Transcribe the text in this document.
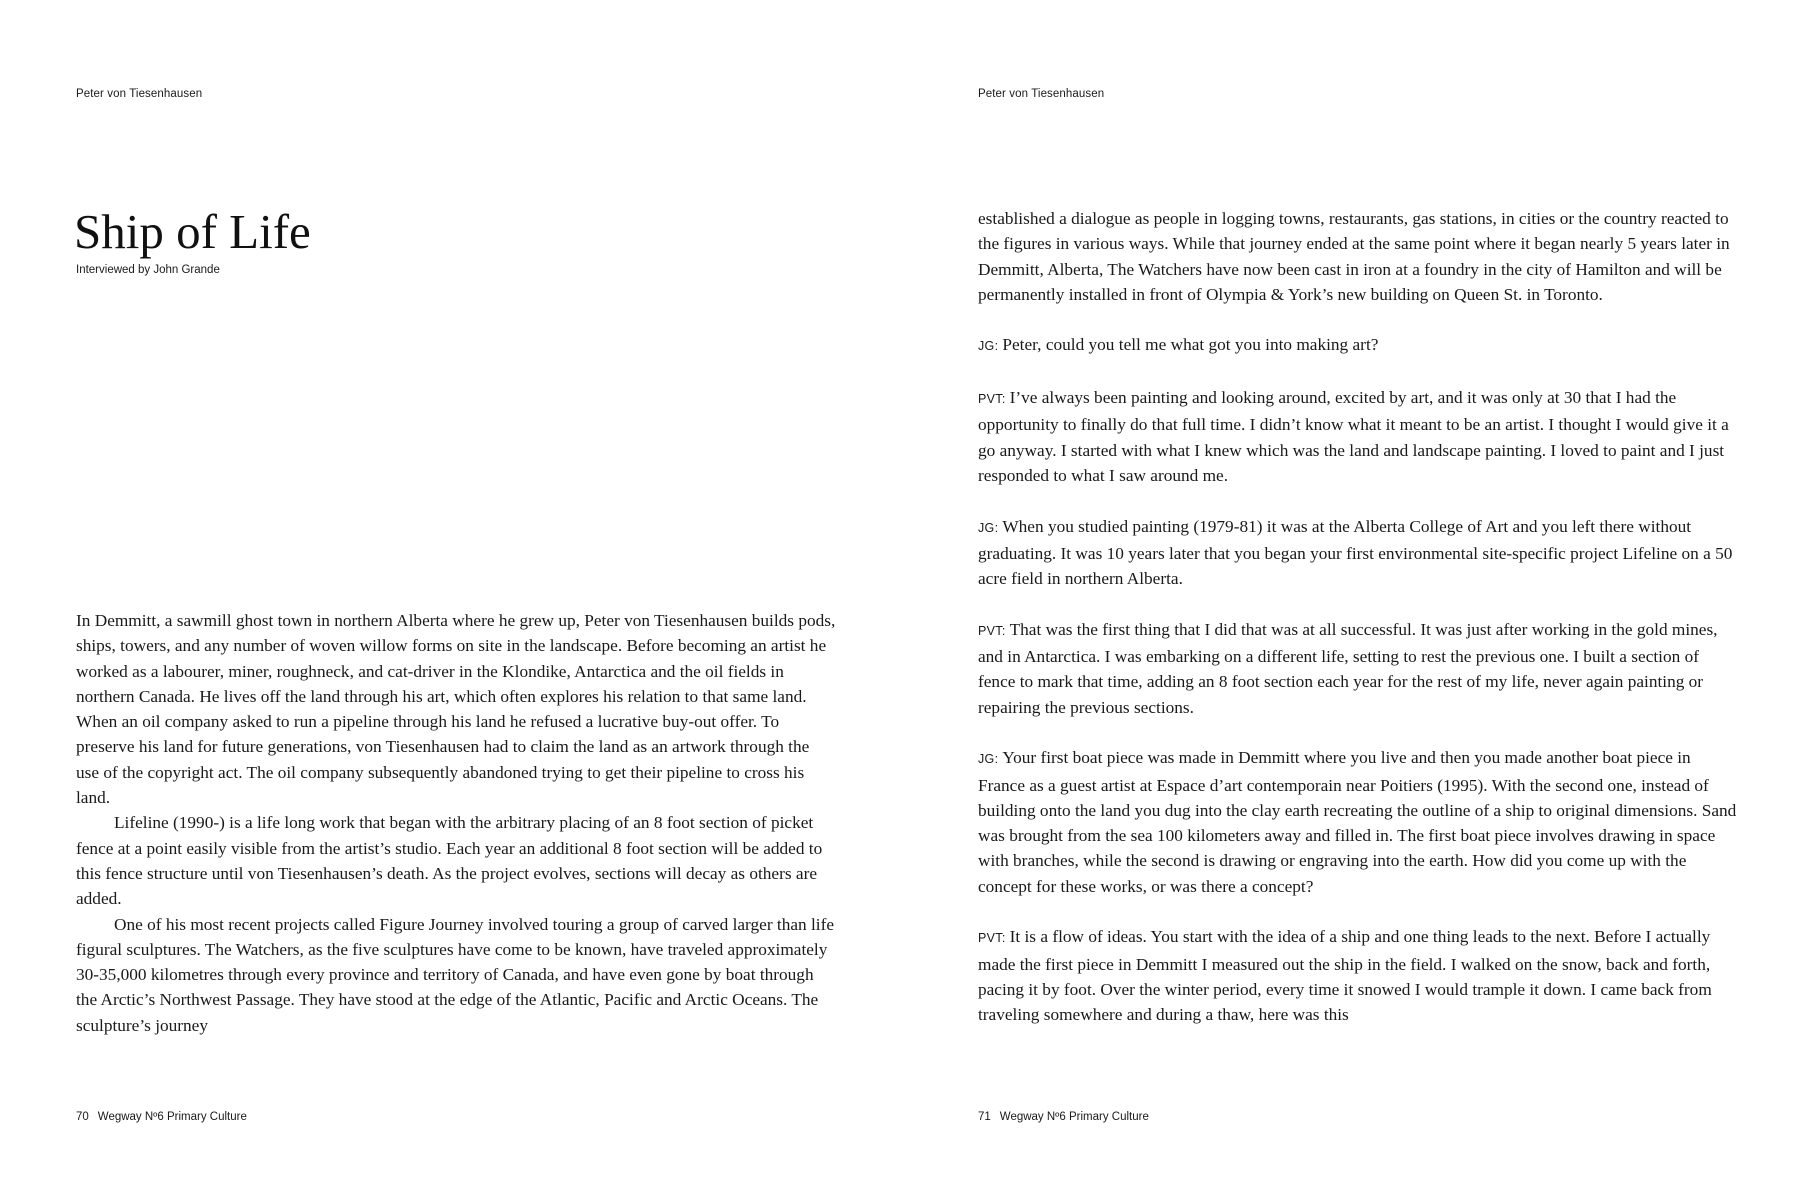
Peter von Tiesenhausen

Ship of Life

Interviewed by John Grande

In Demmitt, a sawmill ghost town in northern Alberta where he grew up, Peter von Tiesenhausen builds pods, ships, towers, and any number of woven willow forms on site in the landscape. Before becoming an artist he worked as a labourer, miner, roughneck, and cat-driver in the Klondike, Antarctica and the oil fields in northern Canada. He lives off the land through his art, which often explores his relation to that same land. When an oil company asked to run a pipeline through his land he refused a lucrative buy-out offer. To preserve his land for future generations, von Tiesenhausen had to claim the land as an artwork through the use of the copyright act. The oil company subsequently abandoned trying to get their pipeline to cross his land.

Lifeline (1990-) is a life long work that began with the arbitrary placing of an 8 foot section of picket fence at a point easily visible from the artist’s studio. Each year an additional 8 foot section will be added to this fence structure until von Tiesenhausen’s death. As the project evolves, sections will decay as others are added.

One of his most recent projects called Figure Journey involved touring a group of carved larger than life figural sculptures. The Watchers, as the five sculptures have come to be known, have traveled approximately 30-35,000 kilometres through every province and territory of Canada, and have even gone by boat through the Arctic’s Northwest Passage. They have stood at the edge of the Atlantic, Pacific and Arctic Oceans. The sculpture’s journey

70 Wegway Nº6 Primary Culture

Peter von Tiesenhausen

established a dialogue as people in logging towns, restaurants, gas stations, in cities or the country reacted to the figures in various ways. While that journey ended at the same point where it began nearly 5 years later in Demmitt, Alberta, The Watchers have now been cast in iron at a foundry in the city of Hamilton and will be permanently installed in front of Olympia & York’s new building on Queen St. in Toronto.

JG: Peter, could you tell me what got you into making art?

PVT: I’ve always been painting and looking around, excited by art, and it was only at 30 that I had the opportunity to finally do that full time. I didn’t know what it meant to be an artist. I thought I would give it a go anyway. I started with what I knew which was the land and landscape painting. I loved to paint and I just responded to what I saw around me.

JG: When you studied painting (1979-81) it was at the Alberta College of Art and you left there without graduating. It was 10 years later that you began your first environmental site-specific project Lifeline on a 50 acre field in northern Alberta.

PVT: That was the first thing that I did that was at all successful. It was just after working in the gold mines, and in Antarctica. I was embarking on a different life, setting to rest the previous one. I built a section of fence to mark that time, adding an 8 foot section each year for the rest of my life, never again painting or repairing the previous sections.

JG: Your first boat piece was made in Demmitt where you live and then you made another boat piece in France as a guest artist at Espace d’art contemporain near Poitiers (1995). With the second one, instead of building onto the land you dug into the clay earth recreating the outline of a ship to original dimensions. Sand was brought from the sea 100 kilometers away and filled in. The first boat piece involves drawing in space with branches, while the second is drawing or engraving into the earth. How did you come up with the concept for these works, or was there a concept?

PVT: It is a flow of ideas. You start with the idea of a ship and one thing leads to the next. Before I actually made the first piece in Demmitt I measured out the ship in the field. I walked on the snow, back and forth, pacing it by foot. Over the winter period, every time it snowed I would trample it down. I came back from traveling somewhere and during a thaw, here was this

71 Wegway Nº6 Primary Culture
